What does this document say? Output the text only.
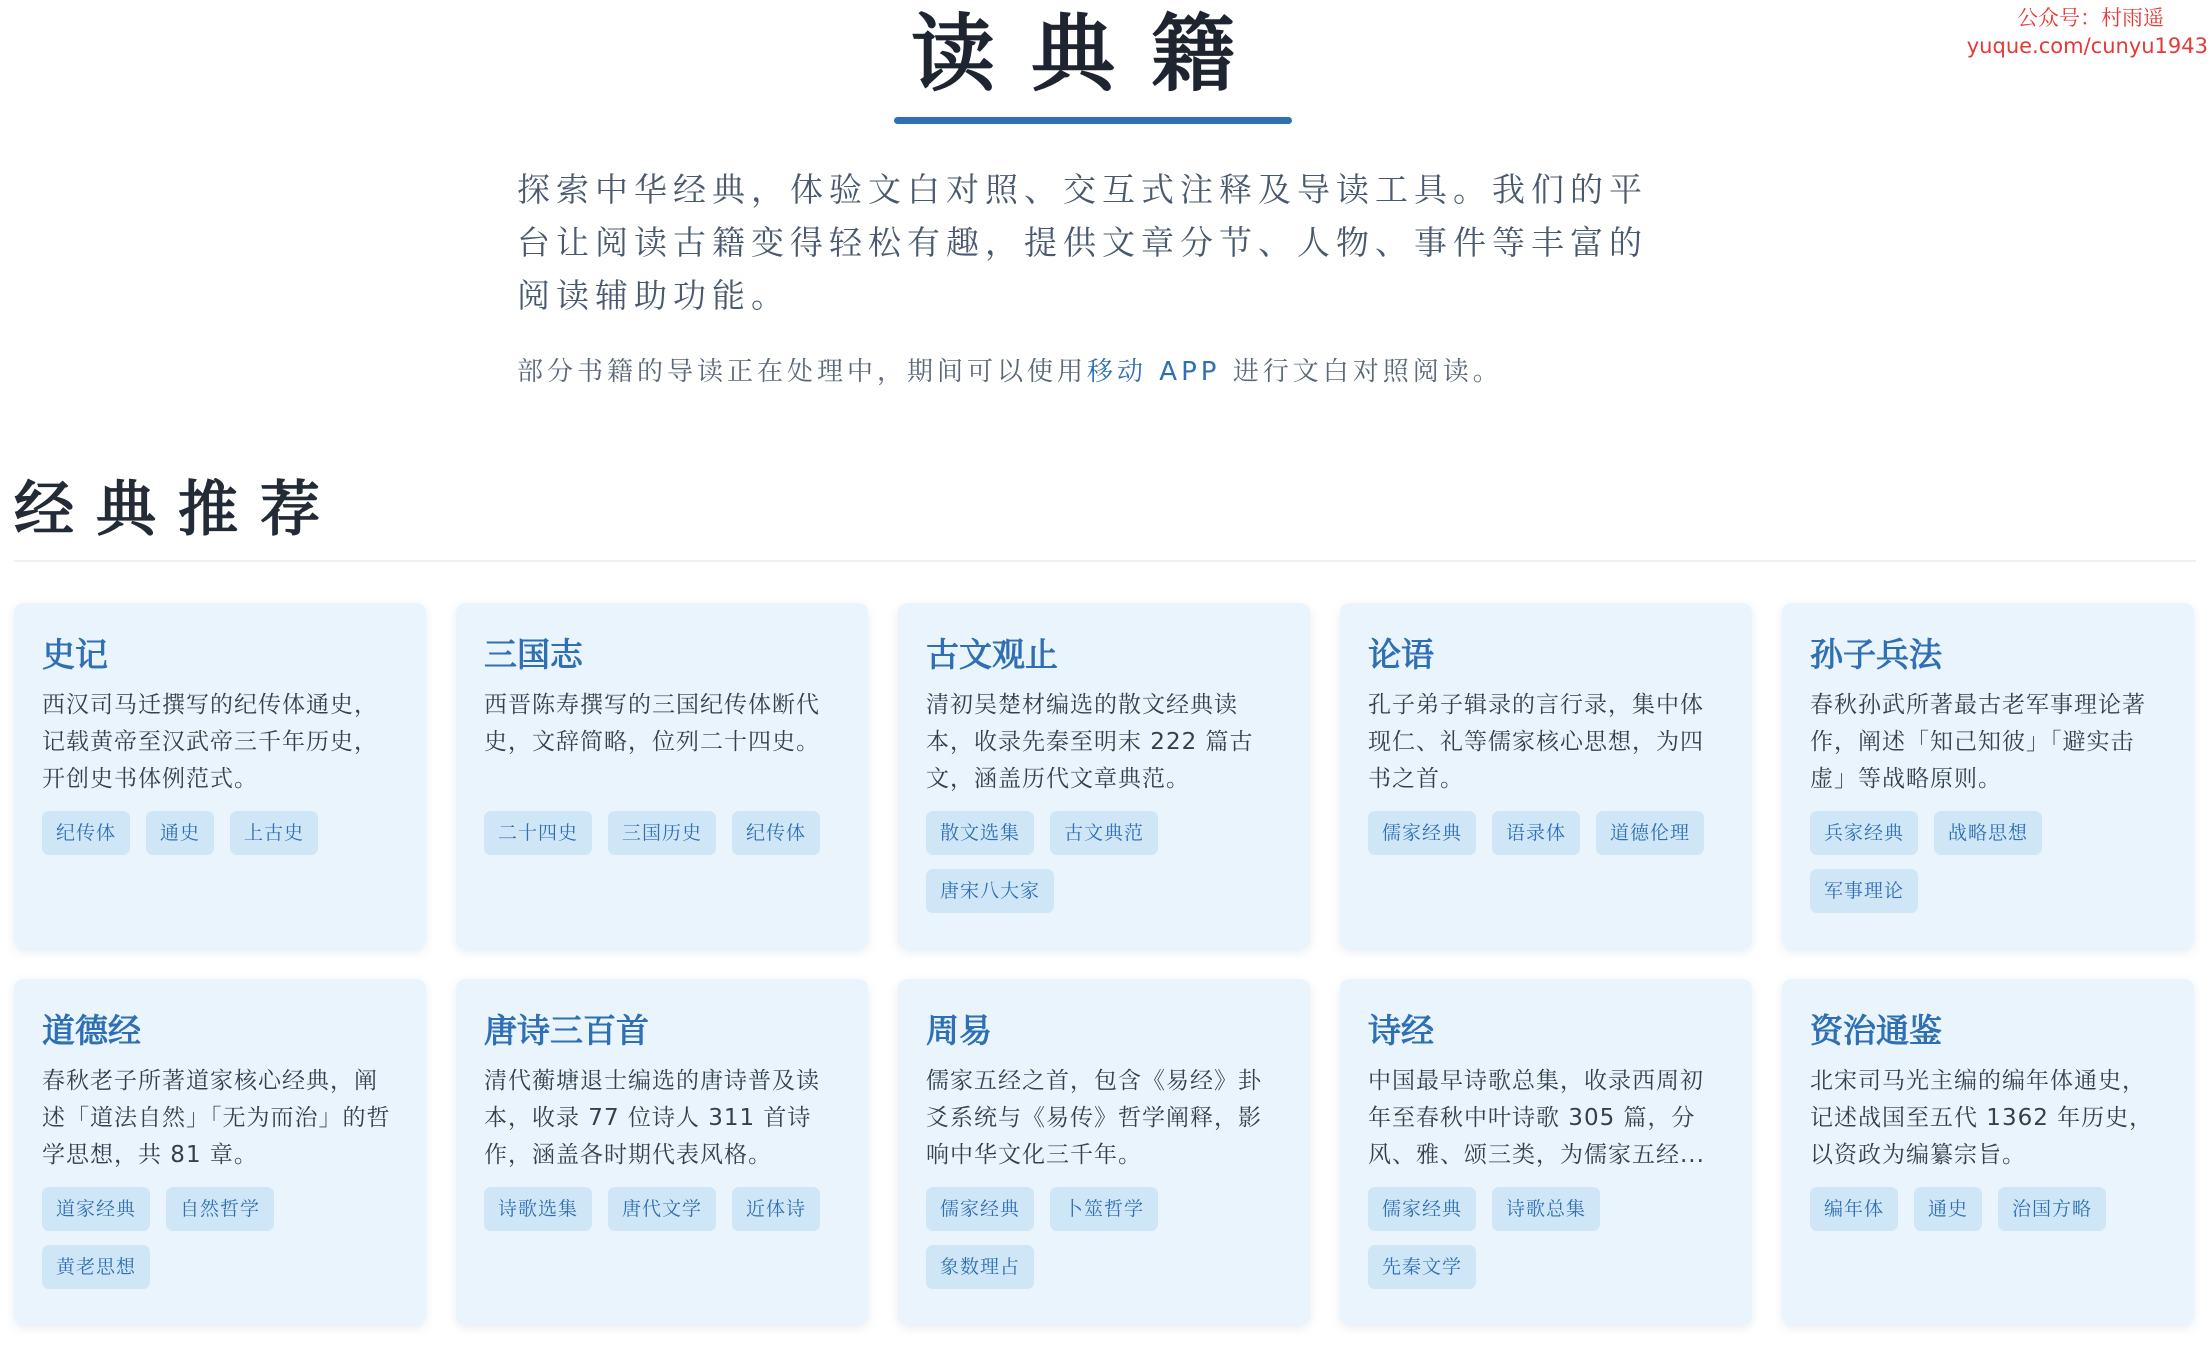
公众号：村雨遥
yuque.com/cunyu1943
读典籍

探索中华经典，体验文白对照、交互式注释及导读工具。我们的平台让阅读古籍变得轻松有趣，提供文章分节、人物、事件等丰富的阅读辅助功能。

部分书籍的导读正在处理中，期间可以使用移动 APP 进行文白对照阅读。

经典推荐
史记
西汉司马迁撰写的纪传体通史，记载黄帝至汉武帝三千年历史，开创史书体例范式。
纪传体	通史	上古史
三国志
西晋陈寿撰写的三国纪传体断代史，文辞简略，位列二十四史。
二十四史	三国历史	纪传体
古文观止
清初吴楚材编选的散文经典读本，收录先秦至明末 222 篇古文，涵盖历代文章典范。
散文选集	古文典范
唐宋八大家
论语
孔子弟子辑录的言行录，集中体现仁、礼等儒家核心思想，为四书之首。
儒家经典	语录体	道德伦理
孙子兵法
春秋孙武所著最古老军事理论著作，阐述「知己知彼」「避实击虚」等战略原则。
兵家经典	战略思想
军事理论
道德经
春秋老子所著道家核心经典，阐述「道法自然」「无为而治」的哲学思想，共 81 章。
道家经典	自然哲学
黄老思想
唐诗三百首
清代蘅塘退士编选的唐诗普及读本，收录 77 位诗人 311 首诗作，涵盖各时期代表风格。
诗歌选集	唐代文学	近体诗
周易
儒家五经之首，包含《易经》卦爻系统与《易传》哲学阐释，影响中华文化三千年。
儒家经典	卜筮哲学
象数理占
诗经
中国最早诗歌总集，收录西周初年至春秋中叶诗歌 305 篇，分风、雅、颂三类，为儒家五经...
儒家经典	诗歌总集
先秦文学
资治通鉴
北宋司马光主编的编年体通史，记述战国至五代 1362 年历史，以资政为编纂宗旨。
编年体	通史	治国方略
